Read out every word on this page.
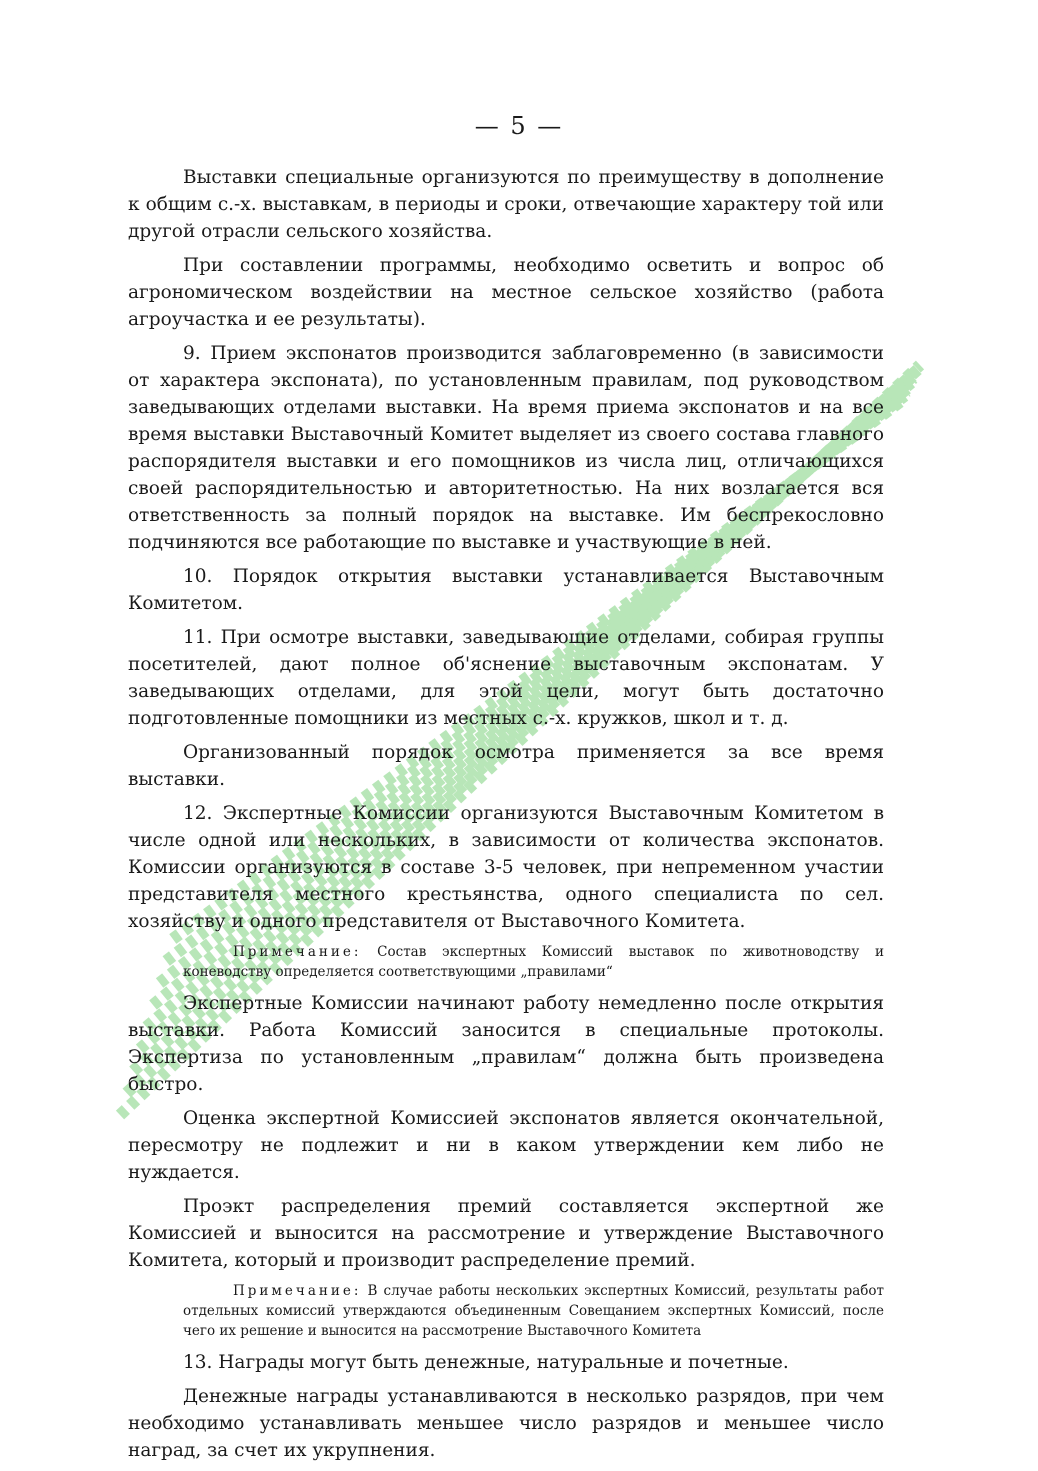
— 5 —

Выставки специальные организуются по преимуществу в дополнение к общим с.-х. выставкам, в периоды и сроки, отвечающие характеру той или другой отрасли сельского хозяйства.

При составлении программы, необходимо осветить и вопрос об агрономическом воздействии на местное сельское хозяйство (работа агроучастка и ее результаты).

9. Прием экспонатов производится заблаговременно (в зависимости от характера экспоната), по установленным правилам, под руководством заведывающих отделами выставки. На время приема экспонатов и на все время выставки Выставочный Комитет выделяет из своего состава главного распорядителя выставки и его помощников из числа лиц, отличающихся своей распорядительностью и авторитетностью. На них возлагается вся ответственность за полный порядок на выставке. Им беспрекословно подчиняются все работающие по выставке и участвующие в ней.

10. Порядок открытия выставки устанавливается Выставочным Комитетом.

11. При осмотре выставки, заведывающие отделами, собирая группы посетителей, дают полное об'яснение выставочным экспонатам. У заведывающих отделами, для этой цели, могут быть достаточно подготовленные помощники из местных с.-х. кружков, школ и т. д.

Организованный порядок осмотра применяется за все время выставки.

12. Экспертные Комиссии организуются Выставочным Комитетом в числе одной или нескольких, в зависимости от количества экспонатов. Комиссии организуются в составе 3-5 человек, при непременном участии представителя местного крестьянства, одного специалиста по сел. хозяйству и одного представителя от Выставочного Комитета.

Примечание: Состав экспертных Комиссий выставок по животноводству и коневодству определяется соответствующими „правилами“

Экспертные Комиссии начинают работу немедленно после открытия выставки. Работа Комиссий заносится в специальные протоколы. Экспертиза по установленным „правилам“ должна быть произведена быстро.

Оценка экспертной Комиссией экспонатов является окончательной, пересмотру не подлежит и ни в каком утверждении кем либо не нуждается.

Проэкт распределения премий составляется экспертной же Комиссией и выносится на рассмотрение и утверждение Выставочного Комитета, который и производит распределение премий.

Примечание: В случае работы нескольких экспертных Комиссий, результаты работ отдельных комиссий утверждаются объединенным Совещанием экспертных Комиссий, после чего их решение и выносится на рассмотрение Выставочного Комитета

13. Награды могут быть денежные, натуральные и почетные.

Денежные награды устанавливаются в несколько разрядов, при чем необходимо устанавливать меньшее число разрядов и меньшее число наград, за счет их укрупнения.
